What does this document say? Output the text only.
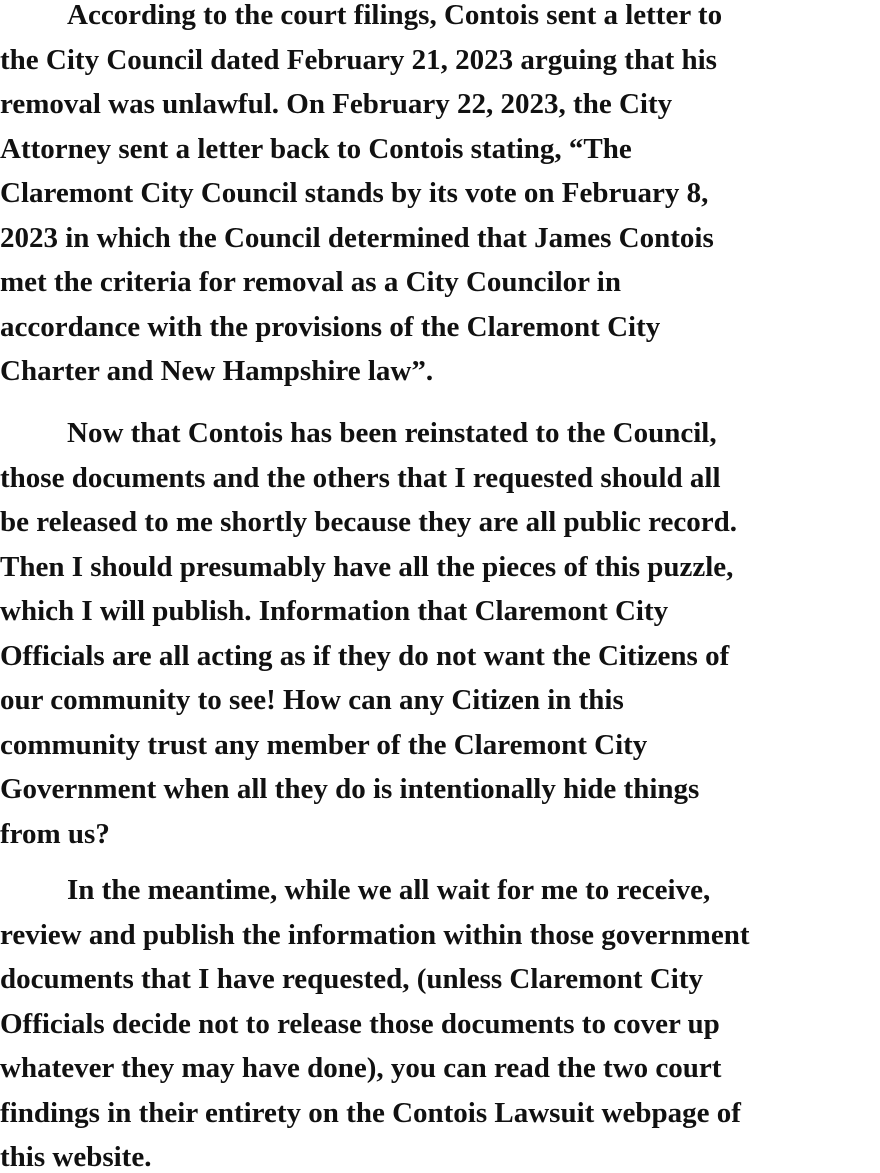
According to the court filings, Contois sent a letter to
the City Council dated February 21, 2023 arguing that his
removal was unlawful. On February 22, 2023, the City
Attorney sent a letter back to Contois stating, “The
Claremont City Council stands by its vote on February 8,
2023 in which the Council determined that James Contois
met the criteria for removal as a City Councilor in
accordance with the provisions of the Claremont City
Charter and New Hampshire law”.

Now that Contois has been reinstated to the Council,
those documents and the others that I requested should all
be released to me shortly because they are all public record.
Then I should presumably have all the pieces of this puzzle,
which I will publish. Information that Claremont City
Officials are all acting as if they do not want the Citizens of
our community to see! How can any Citizen in this
community trust any member of the Claremont City
Government when all they do is intentionally hide things
from us?

In the meantime, while we all wait for me to receive,
review and publish the information within those government
documents that I have requested, (unless Claremont City
Officials decide not to release those documents to cover up
whatever they may have done), you can read the two court
findings in their entirety on the Contois Lawsuit webpage of
this website.
